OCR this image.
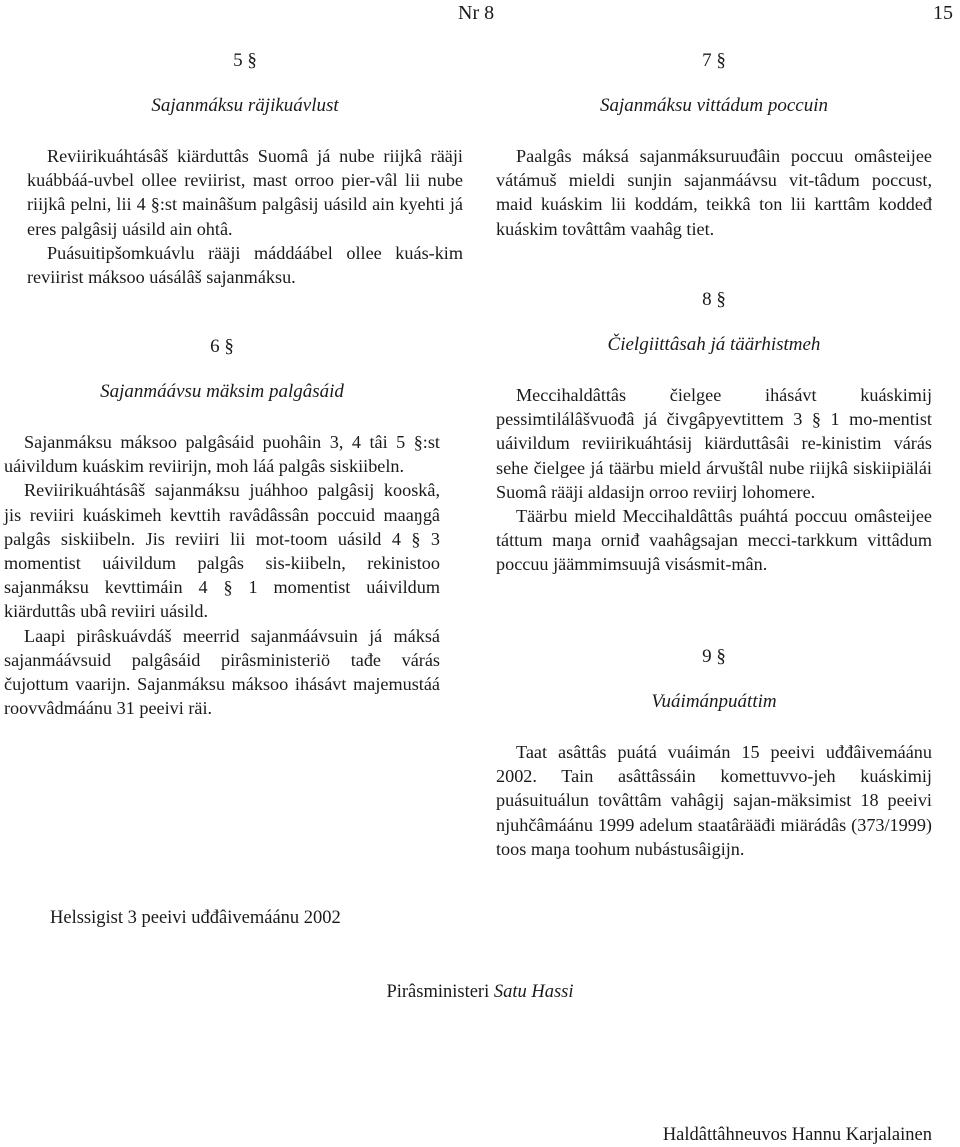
Nr 8	15
5 §
Sajanmáksu räjikuávlust

Reviirikuáhtásâš kiärduttâs Suomâ já nube riijkâ rääji kuábbáá-uvbel ollee reviirist, mast orroo pier-vâl lii nube riijkâ pelni, lii 4 §:st mainâšum palgâsij uásild ain kyehti já eres palgâsij uásild ain ohtâ.

Puásuitipšomkuávlu rääji máddáábel ollee kuás-kim reviirist máksoo uásálâš sajanmáksu.

6 §
Sajanmáávsu mäksim palgâsáid

Sajanmáksu máksoo palgâsáid puohâin 3, 4 tâi 5 §:st uáivildum kuáskim reviirijn, moh láá palgâs siskiibeln.

Reviirikuáhtásâš sajanmáksu juáhhoo palgâsij kooskâ, jis reviiri kuáskimeh kevttih ravâdâssân poccuid maaŋgâ palgâs siskiibeln. Jis reviiri lii mot-toom uásild 4 § 3 momentist uáivildum palgâs sis-kiibeln, rekinistoo sajanmáksu kevttimáin 4 § 1 momentist uáivildum kiärduttâs ubâ reviiri uásild.

Laapi pirâskuávdáš meerrid sajanmáávsuin já máksá sajanmáávsuid palgâsáid pirâsministeriö tađe várás čujottum vaarijn. Sajanmáksu máksoo ihásávt majemustáá roovvâdmáánu 31 peeivi räi.

7 §
Sajanmáksu vittádum poccuin

Paalgâs máksá sajanmáksuruuđâin poccuu omâsteijee vátámuš mieldi sunjin sajanmáávsu vit-tâdum poccust, maid kuáskim lii koddám, teikkâ ton lii karttâm koddeđ kuáskim tovâttâm vaahâg tiet.

8 §
Čielgiittâsah já täärhistmeh

Meccihaldâttâs čielgee ihásávt kuáskimij pessimtilálâšvuođâ já čivgâpyevtittem 3 § 1 mo-mentist uáivildum reviirikuáhtásij kiärduttâsâi re-kinistim várás sehe čielgee já täärbu mield árvuštâl nube riijkâ siskiipiälái Suomâ rääji aldasijn orroo reviirj lohomere.

Täärbu mield Meccihaldâttâs puáhtá poccuu omâsteijee táttum maŋa orniđ vaahâgsajan mecci-tarkkum vittâdum poccuu jäämmimsuujâ visásmit-mân.

9 §
Vuáimánpuáttim

Taat asâttâs puátá vuáimán 15 peeivi uđđâivemáánu 2002. Tain asâttâssáin komettuvvo-jeh kuáskimij puásuituálun tovâttâm vahâgij sajan-mäksimist 18 peeivi njuhčâmáánu 1999 adelum staatârääđi miärádâs (373/1999) toos maŋa toohum nubástusâigijn.

Helssigist 3 peeivi uđđâivemáánu 2002
Pirâsministeri Satu Hassi
Haldâttâhneuvos Hannu Karjalainen
